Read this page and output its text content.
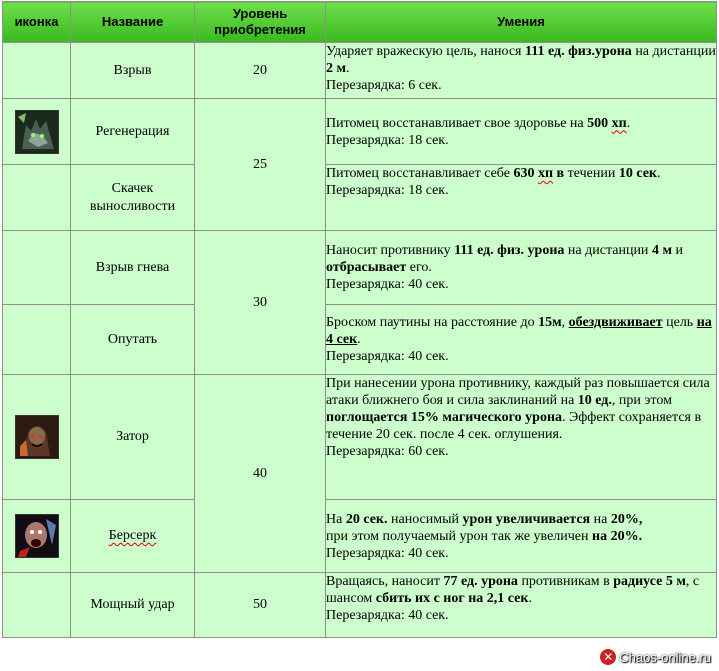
иконка	Название	Уровень приобретения	Умения
	Взрыв	20	Ударяет вражескую цель, нанося 111 ед. физ.урона на дистанции 2 м.
Перезарядка: 6 сек.

	Регенерация	25	Питомец восстанавливает свое здоровье на 500 хп.
Перезарядка: 18 сек.
	Скачек выносливости		Питомец восстанавливает себе 630 хп в течении 10 сек.
Перезарядка: 18 сек.
	Взрыв гнева	30	Наносит противнику 111 ед. физ. урона на дистанции 4 м и отбрасывает его.
Перезарядка: 40 сек.
	Опутать		Броском паутины на расстояние до 15м, обездвиживает цель на 4 сек.
Перезарядка: 40 сек.

	Затор	40	При нанесении урона противнику, каждый раз повышается сила атаки ближнего боя и сила заклинаний на 10 ед., при этом поглощается 15% магического урона. Эффект сохраняется в течение 20 сек. после 4 сек. оглушения.
Перезарядка: 60 сек.

	Берсерк		На 20 сек. наносимый урон увеличивается на 20%,
при этом получаемый урон так же увеличен на 20%.
Перезарядка: 40 сек.
	Мощный удар	50	Вращаясь, наносит 77 ед. урона противникам в радиусе 5 м, с шансом сбить их с ног на 2,1 сек.
Перезарядка: 40 сек.
✕ Chaos-online.ru
